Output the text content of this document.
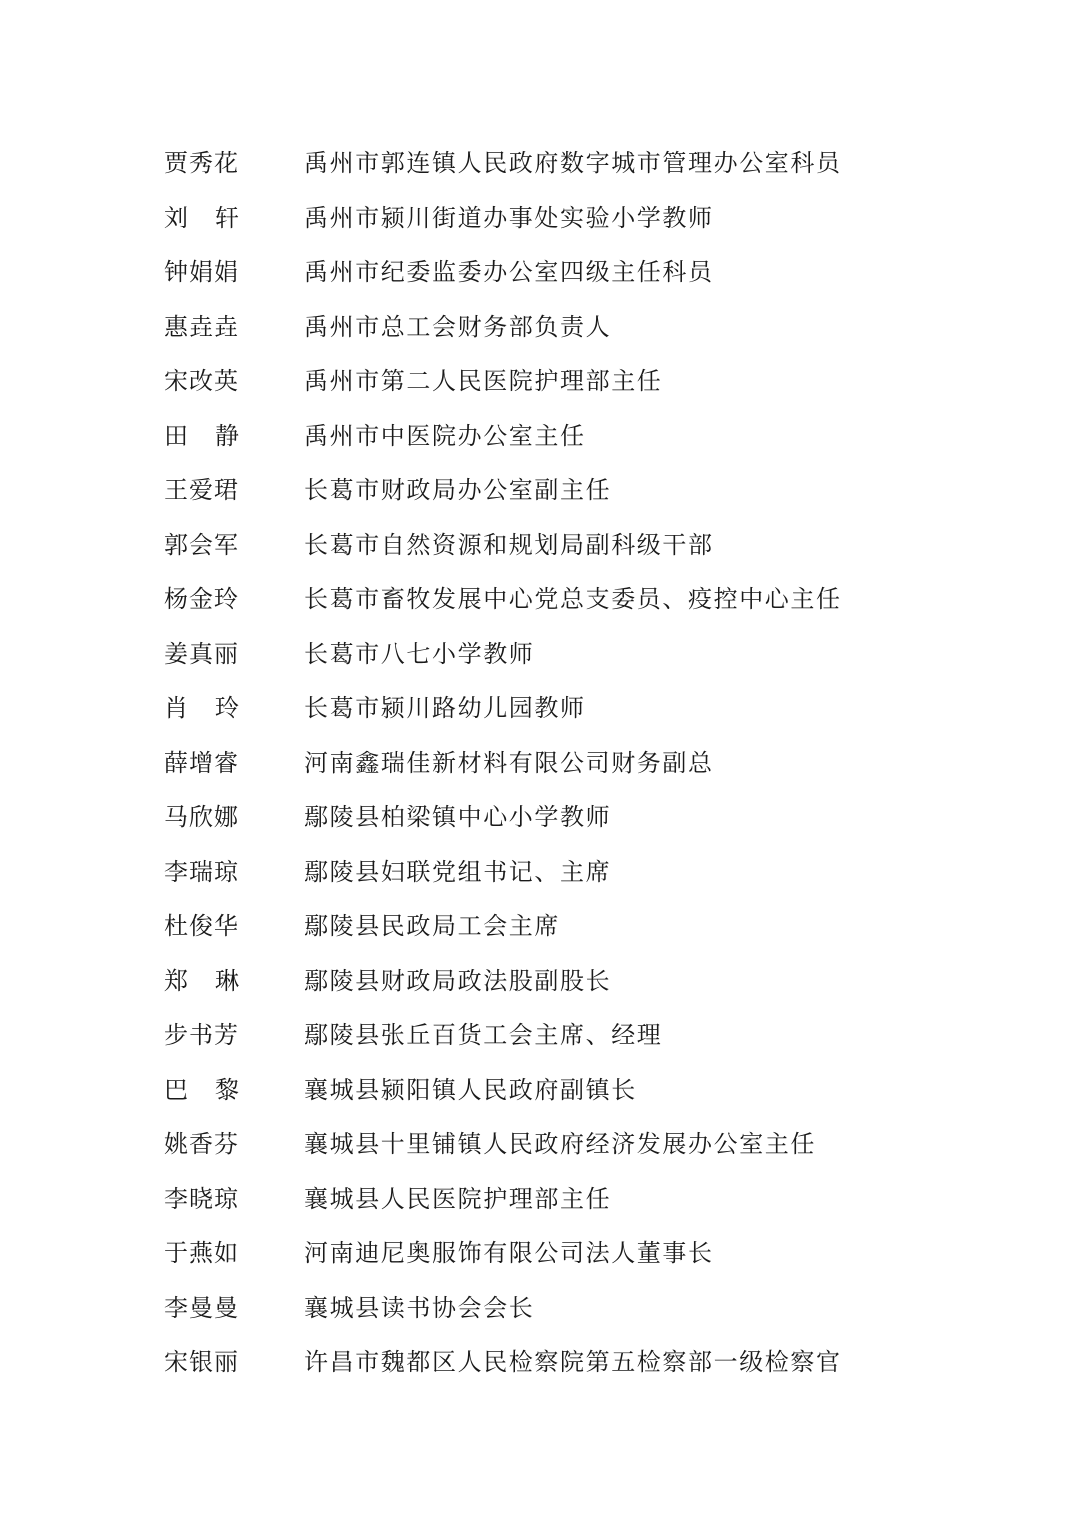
贾秀花	禹州市郭连镇人民政府数字城市管理办公室科员
刘 轩	禹州市颍川街道办事处实验小学教师
钟娟娟	禹州市纪委监委办公室四级主任科员
惠垚垚	禹州市总工会财务部负责人
宋改英	禹州市第二人民医院护理部主任
田 静	禹州市中医院办公室主任
王爱珺	长葛市财政局办公室副主任
郭会军	长葛市自然资源和规划局副科级干部
杨金玲	长葛市畜牧发展中心党总支委员、疫控中心主任
姜真丽	长葛市八七小学教师
肖 玲	长葛市颍川路幼儿园教师
薛增睿	河南鑫瑞佳新材料有限公司财务副总
马欣娜	鄢陵县柏梁镇中心小学教师
李瑞琼	鄢陵县妇联党组书记、主席
杜俊华	鄢陵县民政局工会主席
郑 琳	鄢陵县财政局政法股副股长
步书芳	鄢陵县张丘百货工会主席、经理
巴 黎	襄城县颍阳镇人民政府副镇长
姚香芬	襄城县十里铺镇人民政府经济发展办公室主任
李晓琼	襄城县人民医院护理部主任
于燕如	河南迪尼奥服饰有限公司法人董事长
李曼曼	襄城县读书协会会长
宋银丽	许昌市魏都区人民检察院第五检察部一级检察官
